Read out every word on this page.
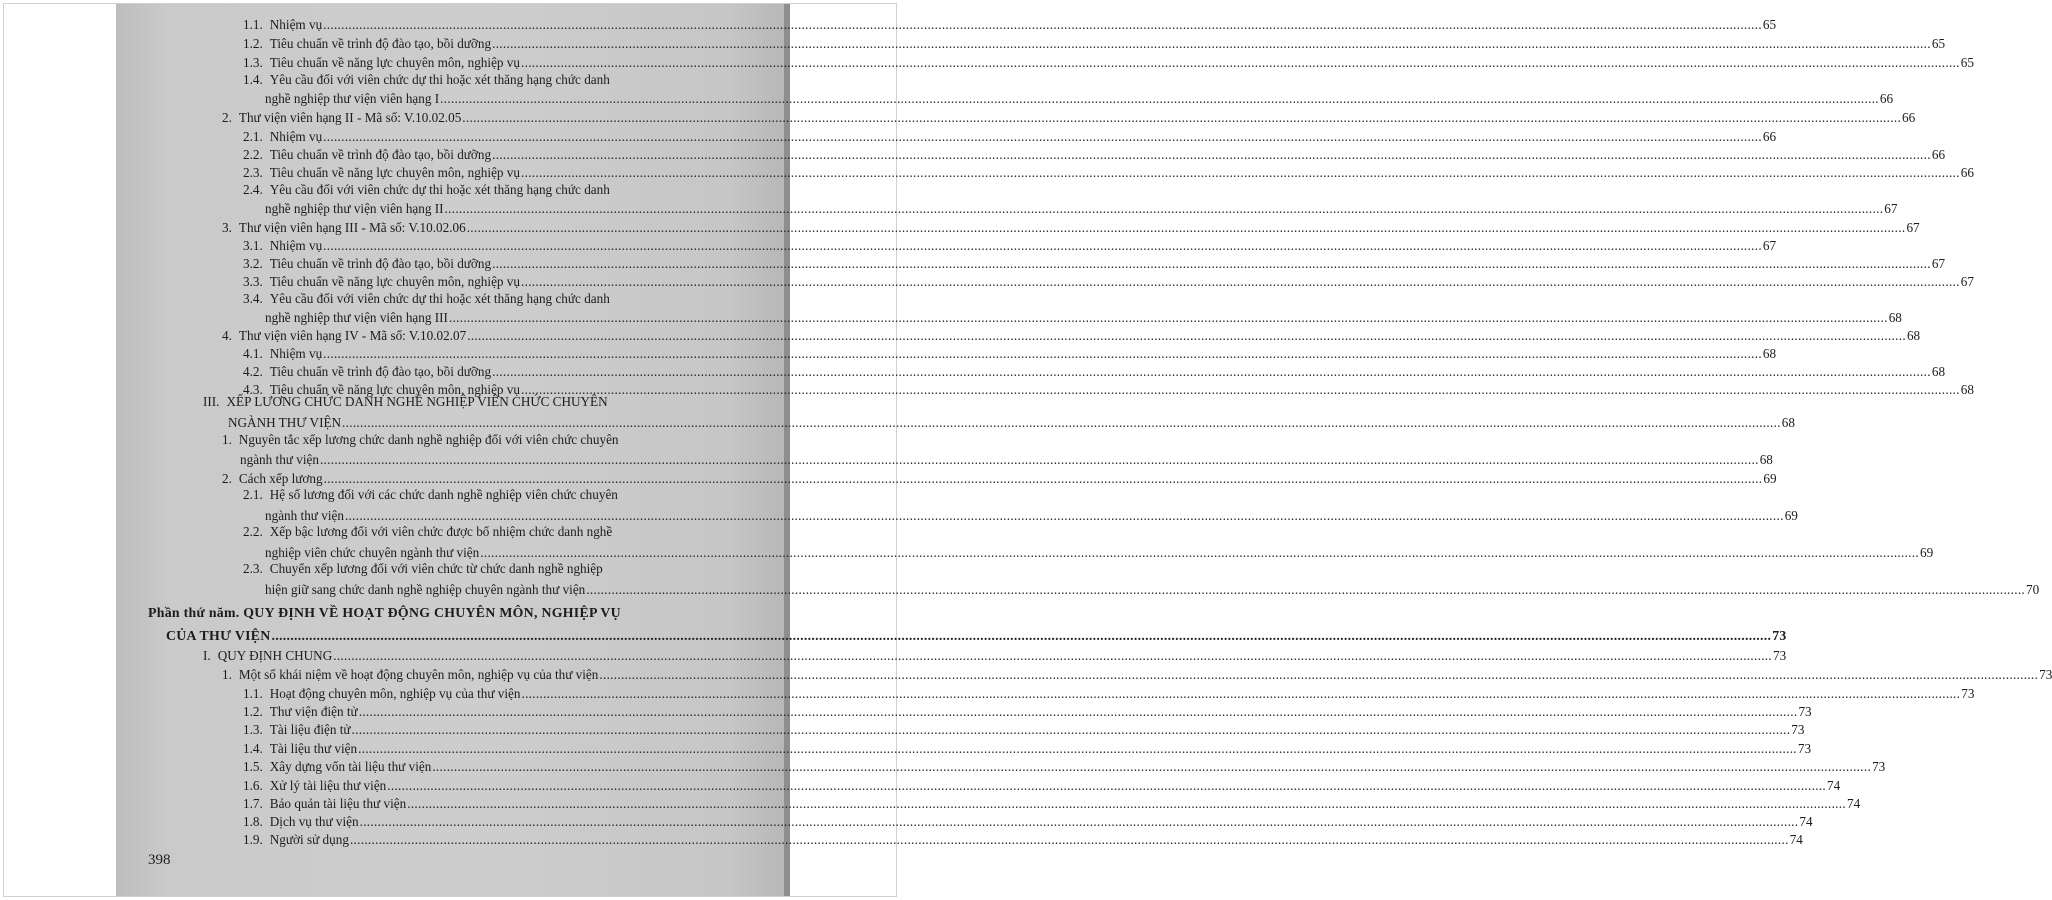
1.1. Nhiệm vụ ................................................................................................................................................................................................................................................................................................................................................................................................................ 65
1.2. Tiêu chuẩn về trình độ đào tạo, bồi dưỡng ................................................................................................................................................................................................................................................................................................................................................................................................................ 65
1.3. Tiêu chuẩn về năng lực chuyên môn, nghiệp vụ ................................................................................................................................................................................................................................................................................................................................................................................................................ 65
1.4. Yêu cầu đối với viên chức dự thi hoặc xét thăng hạng chức danh
nghề nghiệp thư viện viên hạng I ................................................................................................................................................................................................................................................................................................................................................................................................................ 66
2. Thư viện viên hạng II - Mã số: V.10.02.05 ................................................................................................................................................................................................................................................................................................................................................................................................................ 66
2.1. Nhiệm vụ ................................................................................................................................................................................................................................................................................................................................................................................................................ 66
2.2. Tiêu chuẩn về trình độ đào tạo, bồi dưỡng ................................................................................................................................................................................................................................................................................................................................................................................................................ 66
2.3. Tiêu chuẩn về năng lực chuyên môn, nghiệp vụ ................................................................................................................................................................................................................................................................................................................................................................................................................ 66
2.4. Yêu cầu đối với viên chức dự thi hoặc xét thăng hạng chức danh
nghề nghiệp thư viện viên hạng II ................................................................................................................................................................................................................................................................................................................................................................................................................ 67
3. Thư viện viên hạng III - Mã số: V.10.02.06 ................................................................................................................................................................................................................................................................................................................................................................................................................ 67
3.1. Nhiệm vụ ................................................................................................................................................................................................................................................................................................................................................................................................................ 67
3.2. Tiêu chuẩn về trình độ đào tạo, bồi dưỡng ................................................................................................................................................................................................................................................................................................................................................................................................................ 67
3.3. Tiêu chuẩn về năng lực chuyên môn, nghiệp vụ ................................................................................................................................................................................................................................................................................................................................................................................................................ 67
3.4. Yêu cầu đối với viên chức dự thi hoặc xét thăng hạng chức danh
nghề nghiệp thư viện viên hạng III ................................................................................................................................................................................................................................................................................................................................................................................................................ 68
4. Thư viện viên hạng IV - Mã số: V.10.02.07 ................................................................................................................................................................................................................................................................................................................................................................................................................ 68
4.1. Nhiệm vụ ................................................................................................................................................................................................................................................................................................................................................................................................................ 68
4.2. Tiêu chuẩn về trình độ đào tạo, bồi dưỡng ................................................................................................................................................................................................................................................................................................................................................................................................................ 68
4.3. Tiêu chuẩn về năng lực chuyên môn, nghiệp vụ ................................................................................................................................................................................................................................................................................................................................................................................................................ 68
III. XẾP LƯƠNG CHỨC DANH NGHỀ NGHIỆP VIÊN CHỨC CHUYÊN
NGÀNH THƯ VIỆN ................................................................................................................................................................................................................................................................................................................................................................................................................ 68
1. Nguyên tắc xếp lương chức danh nghề nghiệp đối với viên chức chuyên
ngành thư viện ................................................................................................................................................................................................................................................................................................................................................................................................................ 68
2. Cách xếp lương ................................................................................................................................................................................................................................................................................................................................................................................................................ 69
2.1. Hệ số lương đối với các chức danh nghề nghiệp viên chức chuyên
ngành thư viện ................................................................................................................................................................................................................................................................................................................................................................................................................ 69
2.2. Xếp bậc lương đối với viên chức được bổ nhiệm chức danh nghề
nghiệp viên chức chuyên ngành thư viện ................................................................................................................................................................................................................................................................................................................................................................................................................ 69
2.3. Chuyển xếp lương đối với viên chức từ chức danh nghề nghiệp
hiện giữ sang chức danh nghề nghiệp chuyên ngành thư viện ................................................................................................................................................................................................................................................................................................................................................................................................................ 70
Phần thứ năm. QUY ĐỊNH VỀ HOẠT ĐỘNG CHUYÊN MÔN, NGHIỆP VỤ
CỦA THƯ VIỆN ................................................................................................................................................................................................................................................................................................................................................................................................................ 73
I. QUY ĐỊNH CHUNG ................................................................................................................................................................................................................................................................................................................................................................................................................ 73
1. Một số khái niệm về hoạt động chuyên môn, nghiệp vụ của thư viện ................................................................................................................................................................................................................................................................................................................................................................................................................ 73
1.1. Hoạt động chuyên môn, nghiệp vụ của thư viện ................................................................................................................................................................................................................................................................................................................................................................................................................ 73
1.2. Thư viện điện tử ................................................................................................................................................................................................................................................................................................................................................................................................................ 73
1.3. Tài liệu điện tử ................................................................................................................................................................................................................................................................................................................................................................................................................ 73
1.4. Tài liệu thư viện ................................................................................................................................................................................................................................................................................................................................................................................................................ 73
1.5. Xây dựng vốn tài liệu thư viện ................................................................................................................................................................................................................................................................................................................................................................................................................ 73
1.6. Xử lý tài liệu thư viện ................................................................................................................................................................................................................................................................................................................................................................................................................ 74
1.7. Bảo quản tài liệu thư viện ................................................................................................................................................................................................................................................................................................................................................................................................................ 74
1.8. Dịch vụ thư viện ................................................................................................................................................................................................................................................................................................................................................................................................................ 74
1.9. Người sử dụng ................................................................................................................................................................................................................................................................................................................................................................................................................ 74
398
